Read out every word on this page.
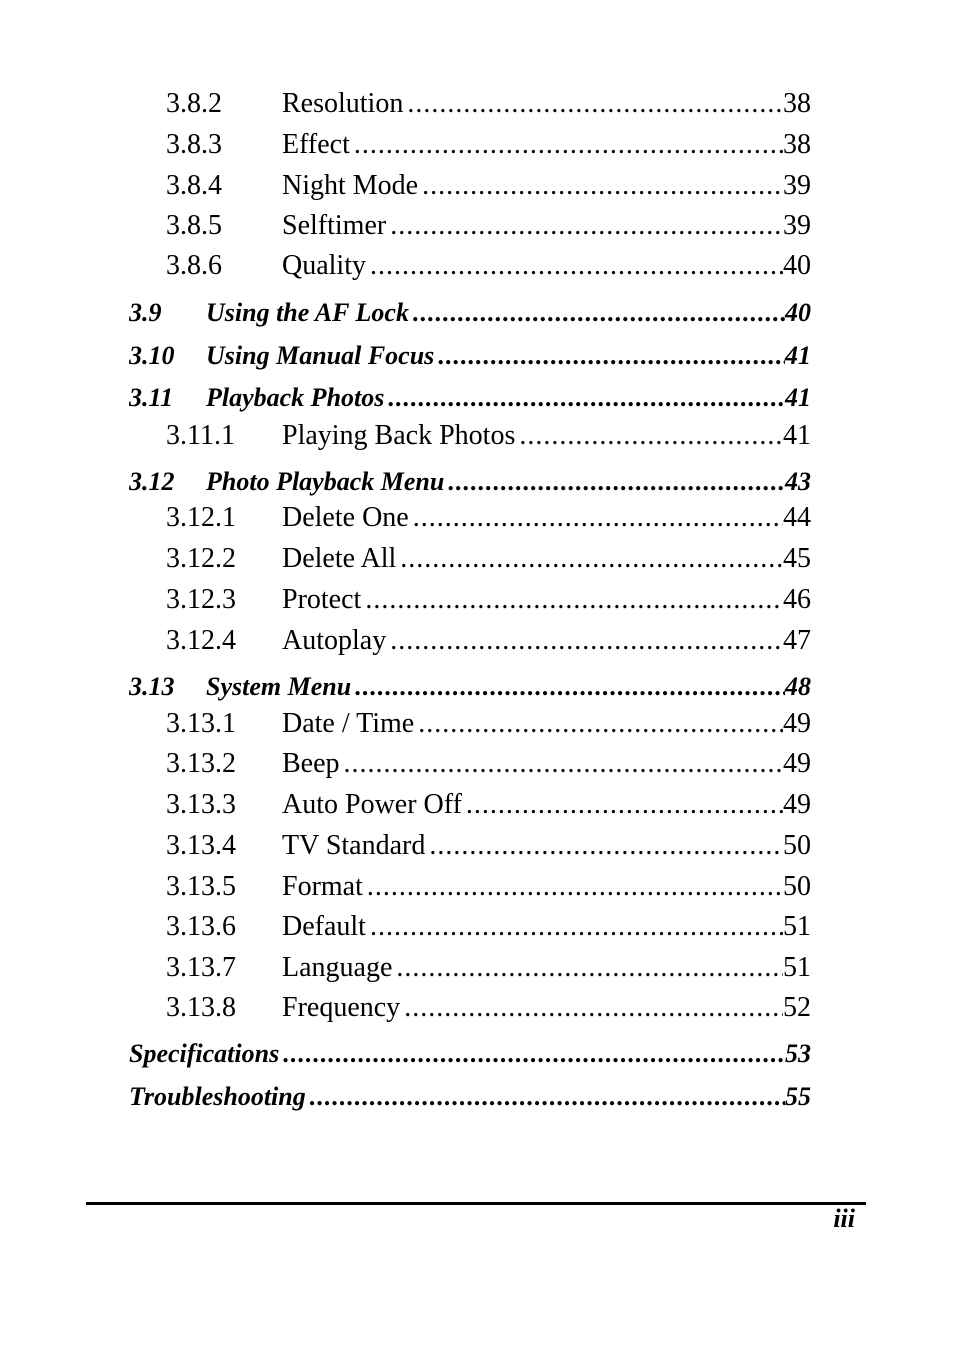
3.8.2	Resolution .....	38
3.8.3	Effect .....	38
3.8.4	Night Mode .....	39
3.8.5	Selftimer .....	39
3.8.6	Quality .....	40
3.9	Using the AF Lock .....	40
3.10	Using Manual Focus .....	41
3.11	Playback Photos .....	41
3.11.1	Playing Back Photos .....	41
3.12	Photo Playback Menu .....	43
3.12.1	Delete One .....	44
3.12.2	Delete All .....	45
3.12.3	Protect .....	46
3.12.4	Autoplay .....	47
3.13	System Menu .....	48
3.13.1	Date / Time .....	49
3.13.2	Beep .....	49
3.13.3	Auto Power Off .....	49
3.13.4	TV Standard .....	50
3.13.5	Format .....	50
3.13.6	Default .....	51
3.13.7	Language .....	51
3.13.8	Frequency .....	52
Specifications .....	53
Troubleshooting .....	55
iii
